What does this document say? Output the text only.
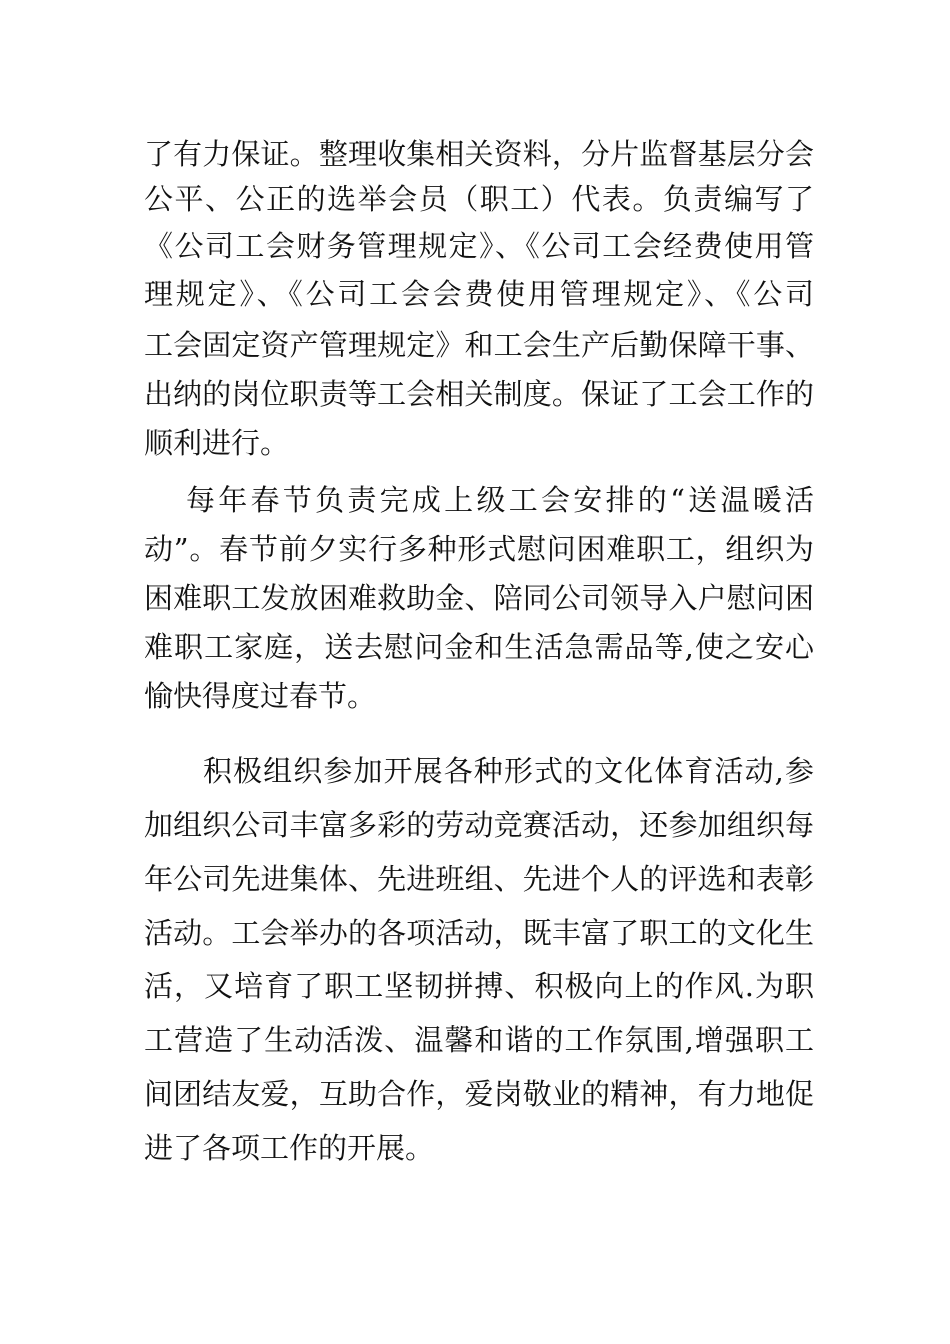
了有力保证。整理收集相关资料，分片监督基层分会
公平、公正的选举会员（职工）代表。负责编写了
《公司工会财务管理规定》、《公司工会经费使用管
理规定》、《公司工会会费使用管理规定》、《公司
工会固定资产管理规定》和工会生产后勤保障干事、
出纳的岗位职责等工会相关制度。保证了工会工作的
顺利进行。
每年春节负责完成上级工会安排的“送温暖活
动”。春节前夕实行多种形式慰问困难职工，组织为
困难职工发放困难救助金、陪同公司领导入户慰问困
难职工家庭，送去慰问金和生活急需品等,使之安心
愉快得度过春节。
积极组织参加开展各种形式的文化体育活动,参
加组织公司丰富多彩的劳动竞赛活动，还参加组织每
年公司先进集体、先进班组、先进个人的评选和表彰
活动。工会举办的各项活动，既丰富了职工的文化生
活，又培育了职工坚韧拼搏、积极向上的作风.为职
工营造了生动活泼、温馨和谐的工作氛围,增强职工
间团结友爱，互助合作，爱岗敬业的精神，有力地促
进了各项工作的开展。
